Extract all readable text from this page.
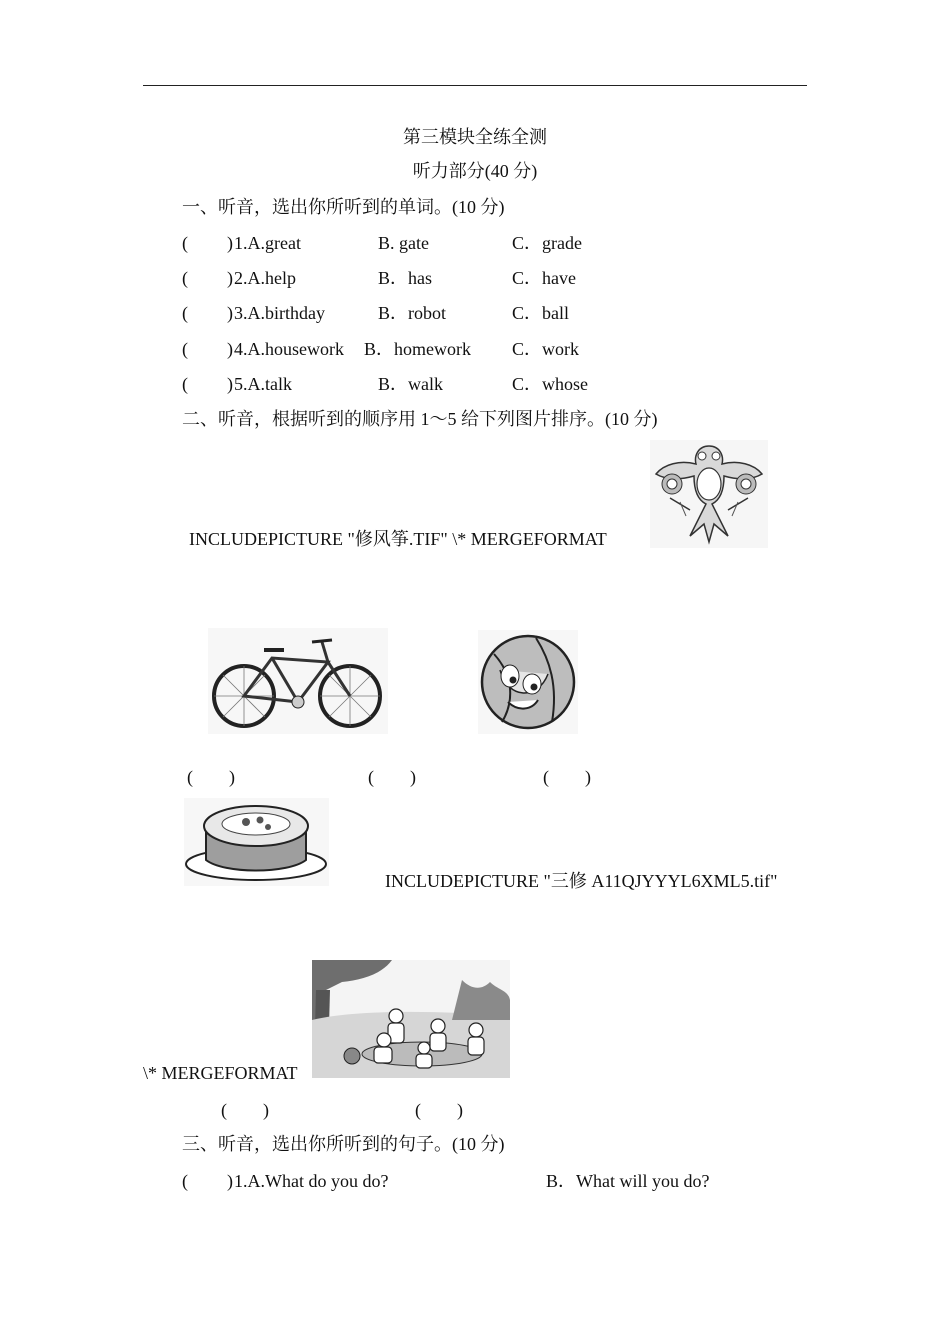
第三模块全练全测
听力部分(40 分)
一、听音，选出你所听到的单词。(10 分)
( ) 1.A.great	B. gate	C．grade
( ) 2.A.help	B．has	C．have
( ) 3.A.birthday	B．robot	C．ball
( ) 4.A.housework B．homework C．work
( ) 5.A.talk	B．walk	C．whose
二、听音，根据听到的顺序用 1～5 给下列图片排序。(10 分)
INCLUDEPICTURE "修风筝.TIF" \* MERGEFORMAT
(　　)	(　　)	(　　)
INCLUDEPICTURE "三修 A11QJYYYL6XML5.tif"
\* MERGEFORMAT
(　　)	(　　)
三、听音，选出你所听到的句子。(10 分)
( ) 1.A.What do you do?	B．What will you do?
